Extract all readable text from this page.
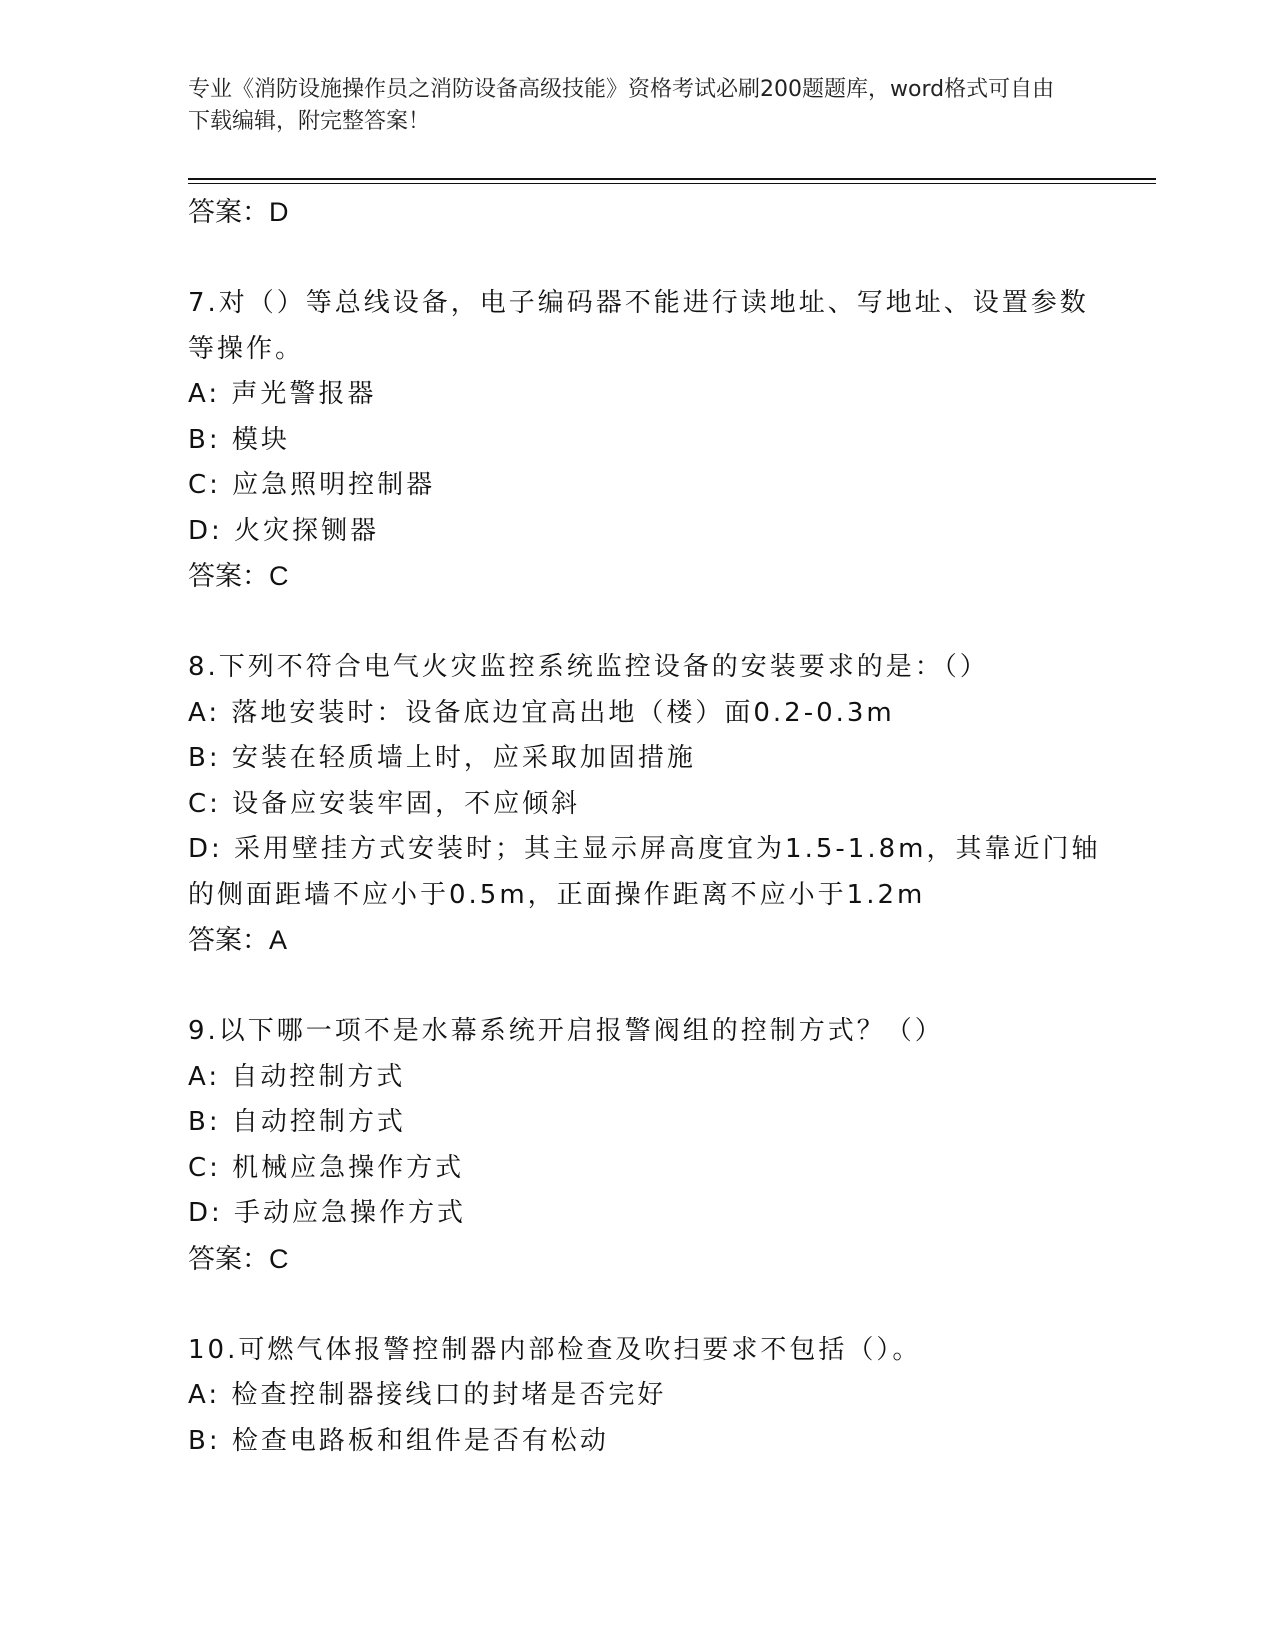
专业《消防设施操作员之消防设备高级技能》资格考试必刷200题题库，word格式可自由下载编辑，附完整答案！
答案：D
7.对（）等总线设备，电子编码器不能进行读地址、写地址、设置参数等操作。
A: 声光警报器
B: 模块
C: 应急照明控制器
D: 火灾探铡器
答案：C
8.下列不符合电气火灾监控系统监控设备的安装要求的是：（）
A: 落地安装时：设备底边宜高出地（楼）面0.2-0.3m
B: 安装在轻质墙上时，应采取加固措施
C: 设备应安装牢固，不应倾斜
D: 采用壁挂方式安装时；其主显示屏高度宜为1.5-1.8m，其靠近门轴的侧面距墙不应小于0.5m，正面操作距离不应小于1.2m
答案：A
9.以下哪一项不是水幕系统开启报警阀组的控制方式？（）
A: 自动控制方式
B: 自动控制方式
C: 机械应急操作方式
D: 手动应急操作方式
答案：C
10.可燃气体报警控制器内部检查及吹扫要求不包括（）。
A: 检查控制器接线口的封堵是否完好
B: 检查电路板和组件是否有松动
